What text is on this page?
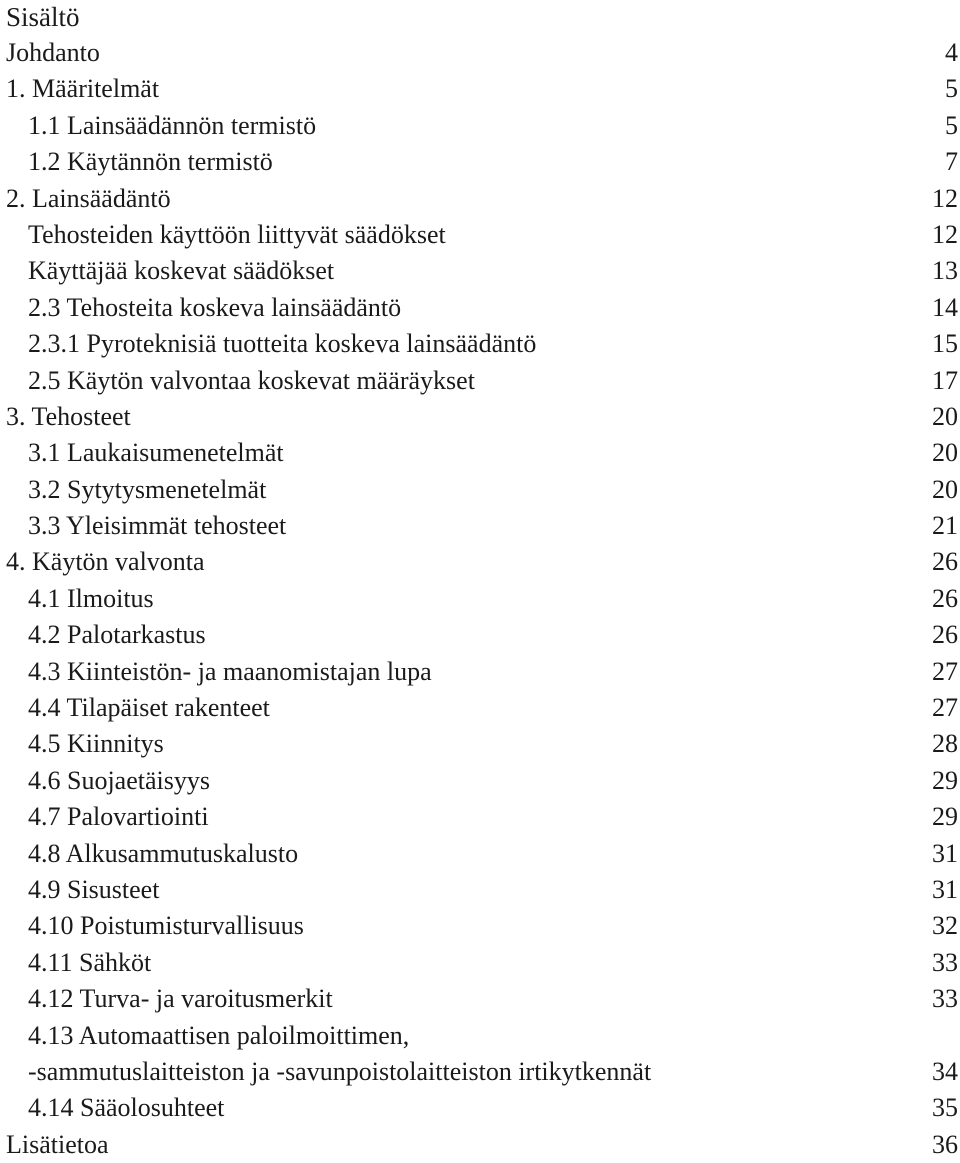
Sisältö
Johdanto	4
1. Määritelmät	5
1.1 Lainsäädännön termistö	5
1.2 Käytännön termistö	7
2. Lainsäädäntö	12
Tehosteiden käyttöön liittyvät säädökset	12
Käyttäjää koskevat säädökset	13
2.3 Tehosteita koskeva lainsäädäntö	14
2.3.1 Pyroteknisiä tuotteita koskeva lainsäädäntö	15
2.5 Käytön valvontaa koskevat määräykset	17
3. Tehosteet	20
3.1 Laukaisumenetelmät	20
3.2 Sytytysmenetelmät	20
3.3 Yleisimmät tehosteet	21
4. Käytön valvonta	26
4.1 Ilmoitus	26
4.2 Palotarkastus	26
4.3 Kiinteistön- ja maanomistajan lupa	27
4.4 Tilapäiset rakenteet	27
4.5 Kiinnitys	28
4.6 Suojaetäisyys	29
4.7 Palovartiointi	29
4.8 Alkusammutuskalusto	31
4.9 Sisusteet	31
4.10 Poistumisturvallisuus	32
4.11 Sähköt	33
4.12 Turva- ja varoitusmerkit	33
4.13 Automaattisen paloilmoittimen,
-sammutuslaitteiston ja -savunpoistolaitteiston irtikytkennät	34
4.14 Sääolosuhteet	35
Lisätietoa	36
